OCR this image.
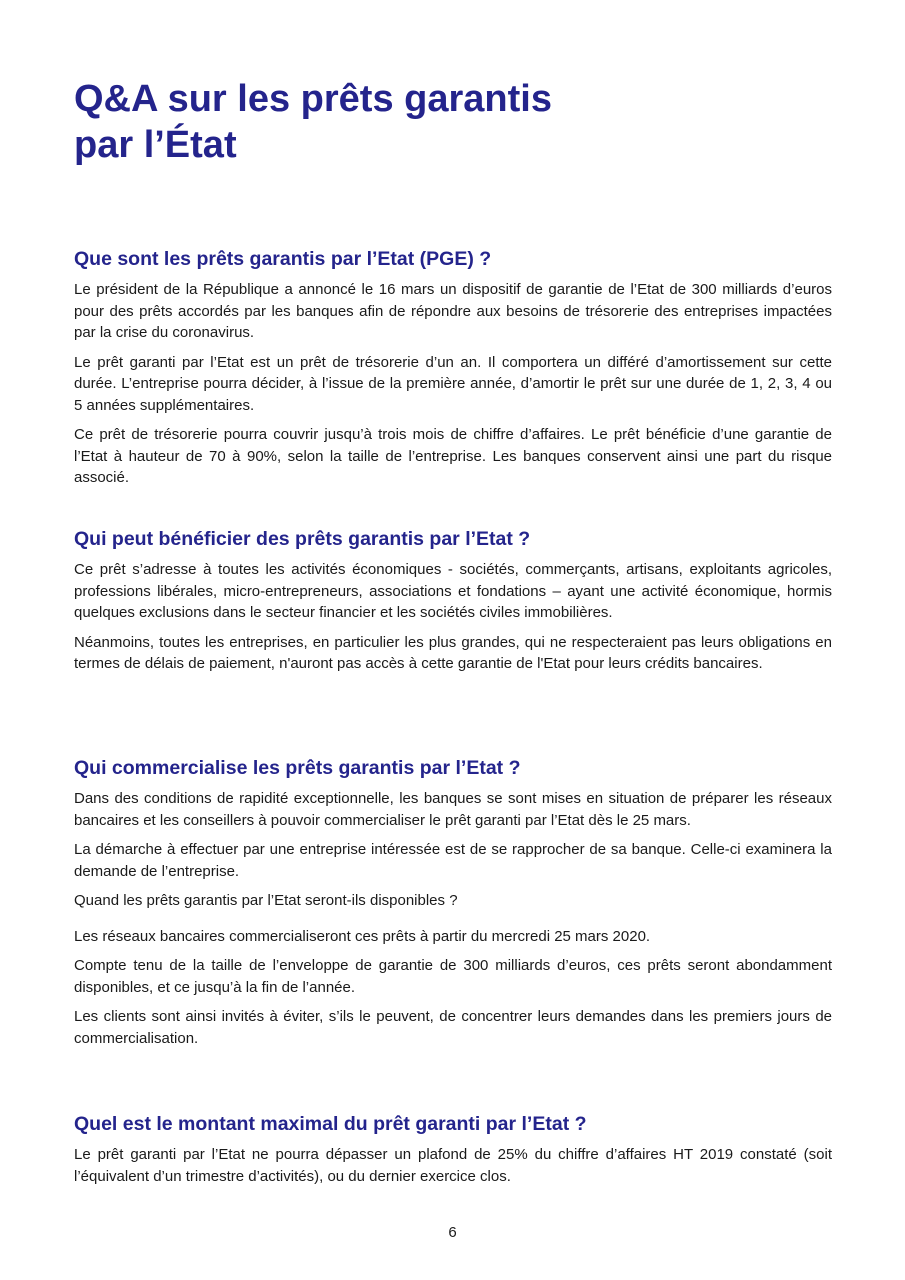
Q&A sur les prêts garantis
par l’État
Que sont les prêts garantis par l’Etat (PGE) ?

Le président de la République a annoncé le 16 mars un dispositif de garantie de l’Etat de 300 milliards d’euros pour des prêts accordés par les banques afin de répondre aux besoins de trésorerie des entreprises impactées par la crise du coronavirus.

Le prêt garanti par l’Etat est un prêt de trésorerie d’un an. Il comportera un différé d’amortissement sur cette durée. L’entreprise pourra décider, à l’issue de la première année, d’amortir le prêt sur une durée de 1, 2, 3, 4 ou 5 années supplémentaires.

Ce prêt de trésorerie pourra couvrir jusqu’à trois mois de chiffre d’affaires. Le prêt bénéficie d’une garantie de l’Etat à hauteur de 70 à 90%, selon la taille de l’entreprise. Les banques conservent ainsi une part du risque associé.

Qui peut bénéficier des prêts garantis par l’Etat ?

Ce prêt s’adresse à toutes les activités économiques - sociétés, commerçants, artisans, exploitants agricoles, professions libérales, micro-entrepreneurs, associations et fondations – ayant une activité économique, hormis quelques exclusions dans le secteur financier et les sociétés civiles immobilières.

Néanmoins, toutes les entreprises, en particulier les plus grandes, qui ne respecteraient pas leurs obligations en termes de délais de paiement, n'auront pas accès à cette garantie de l'Etat pour leurs crédits bancaires.

Qui commercialise les prêts garantis par l’Etat ?

Dans des conditions de rapidité exceptionnelle, les banques se sont mises en situation de préparer les réseaux bancaires et les conseillers à pouvoir commercialiser le prêt garanti par l’Etat dès le 25 mars.

La démarche à effectuer par une entreprise intéressée est de se rapprocher de sa banque. Celle-ci examinera la demande de l’entreprise.

Quand les prêts garantis par l’Etat seront-ils disponibles ?

Les réseaux bancaires commercialiseront ces prêts à partir du mercredi 25 mars 2020.

Compte tenu de la taille de l’enveloppe de garantie de 300 milliards d’euros, ces prêts seront abondamment disponibles, et ce jusqu’à la fin de l’année.

Les clients sont ainsi invités à éviter, s’ils le peuvent, de concentrer leurs demandes dans les premiers jours de commercialisation.

Quel est le montant maximal du prêt garanti par l’Etat ?

Le prêt garanti par l’Etat ne pourra dépasser un plafond de 25% du chiffre d’affaires HT 2019 constaté (soit l’équivalent d’un trimestre d’activités), ou du dernier exercice clos.

6
